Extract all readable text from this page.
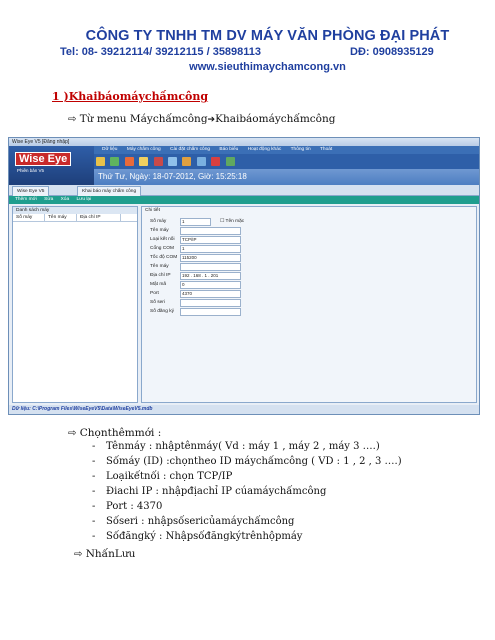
CÔNG TY TNHH TM DV MÁY VĂN PHÒNG ĐẠI PHÁT
Tel: 08- 39212114/ 39212115 / 35898113	DĐ: 0908935129
www.sieuthimaychamcong.vn
1 )Khaibáomáychấmcông
⇨ Từ menu Máychấmcông➔Khaibáomáychấmcông
Wise Eye V5 [Đăng nhập]
Wise Eye
Phiên bản V5
Dữ liệu Máy chấm công Cài đặt chấm công Báo biểu Hoạt động khác Thông tin Thoát

Thứ Tư, Ngày: 18-07-2012, Giờ: 15:25:18
Wise Eye V5	Khai báo máy chấm công
Thêm mới Sửa Xóa Lưu lại
Danh sách máy
Số máy	Tên máy	Địa chỉ IP
Chi tiết
Số máy	1	☐ Tên mặc
Tên máy
Loại kết nối	TCP/IP
Cổng COM	1
Tốc độ COM	115200
Tên máy
Địa chỉ IP	192 . 168 . 1 . 201
Mật mã	0
Port	4370
Số seri
Số đăng ký
Dữ liệu: C:\Program Files\WiseEyeV5\Data\WiseEyeV5.mdb
⇨ Chọnthêmmới :
- Tênmáy : nhậptênmáy( Vd : máy 1 , máy 2 , máy 3 ….)
- Sốmáy (ID) :chọntheo ID máychấmcông ( VD : 1 , 2 , 3 ….)
- Loạikếtnối : chọn TCP/IP
- Điachi IP : nhậpđịachỉ IP cúamáychấmcông
- Port : 4370
- Sốseri : nhậpsốsericủamáychấmcông
- Sốđăngký : Nhậpsốđăngkýtrênhộpmáy
⇨ NhấnLưu
